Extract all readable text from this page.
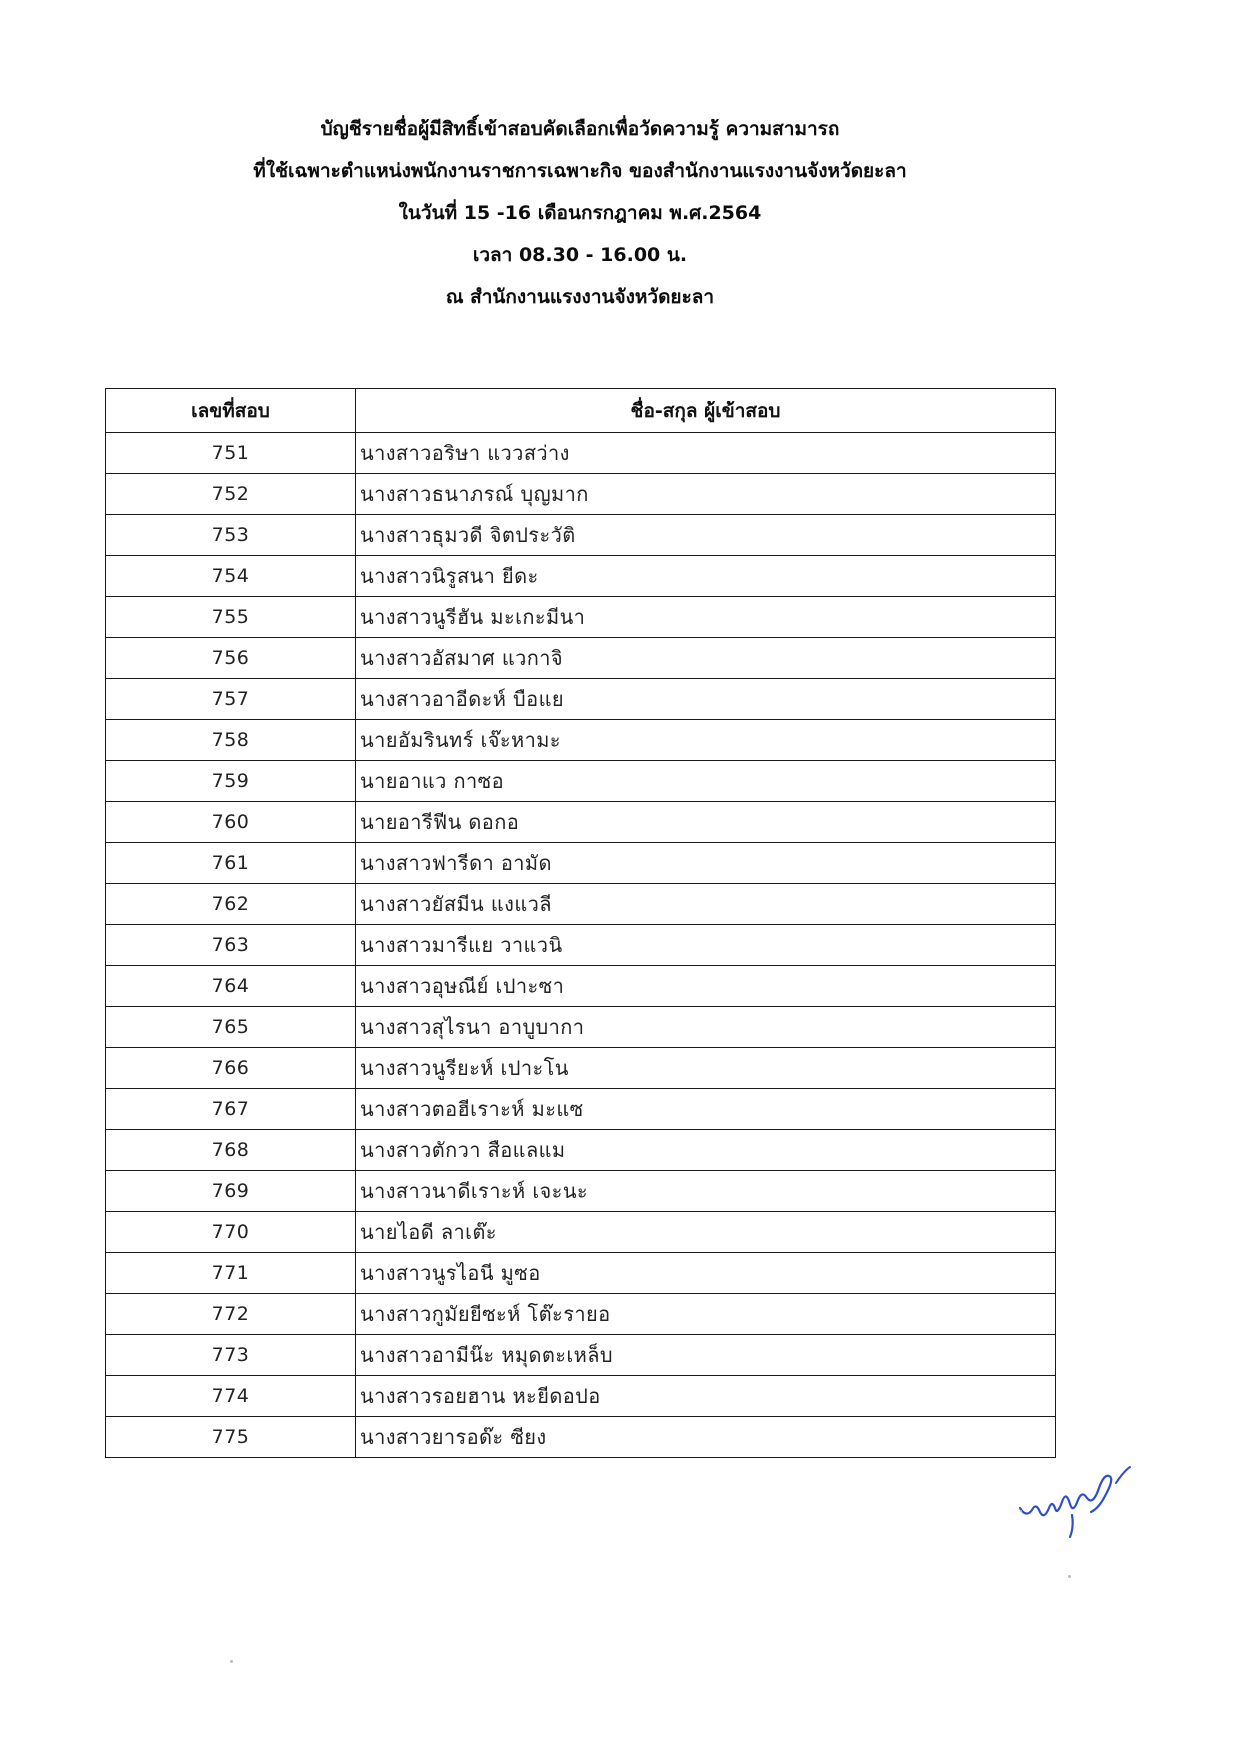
บัญชีรายชื่อผู้มีสิทธิ์เข้าสอบคัดเลือกเพื่อวัดความรู้ ความสามารถ
ที่ใช้เฉพาะตำแหน่งพนักงานราชการเฉพาะกิจ ของสำนักงานแรงงานจังหวัดยะลา
ในวันที่ 15 -16 เดือนกรกฎาคม พ.ศ.2564
เวลา 08.30 - 16.00 น.
ณ สำนักงานแรงงานจังหวัดยะลา
เลขที่สอบ	ชื่อ-สกุล ผู้เข้าสอบ
751	นางสาวอริษา แววสว่าง
752	นางสาวธนาภรณ์ บุญมาก
753	นางสาวธุมวดี จิตประวัติ
754	นางสาวนิรูสนา ยีดะ
755	นางสาวนูรีฮัน มะเกะมีนา
756	นางสาวอัสมาศ แวกาจิ
757	นางสาวอาอีดะห์ บือแย
758	นายอัมรินทร์ เจ๊ะหามะ
759	นายอาแว กาซอ
760	นายอารีฟีน ดอกอ
761	นางสาวฟารีดา อามัด
762	นางสาวยัสมีน แงแวลี
763	นางสาวมารีแย วาแวนิ
764	นางสาวอุษณีย์ เปาะซา
765	นางสาวสุไรนา อาบูบากา
766	นางสาวนูรียะห์ เปาะโน
767	นางสาวตอฮีเราะห์ มะแซ
768	นางสาวตักวา สือแลแม
769	นางสาวนาดีเราะห์ เจะนะ
770	นายไอดี ลาเต๊ะ
771	นางสาวนูรไอนี มูซอ
772	นางสาวกูมัยยีซะห์ โต๊ะรายอ
773	นางสาวอามีน๊ะ หมุดตะเหล็บ
774	นางสาวรอยฮาน หะยีดอปอ
775	นางสาวยารอด๊ะ ซียง
